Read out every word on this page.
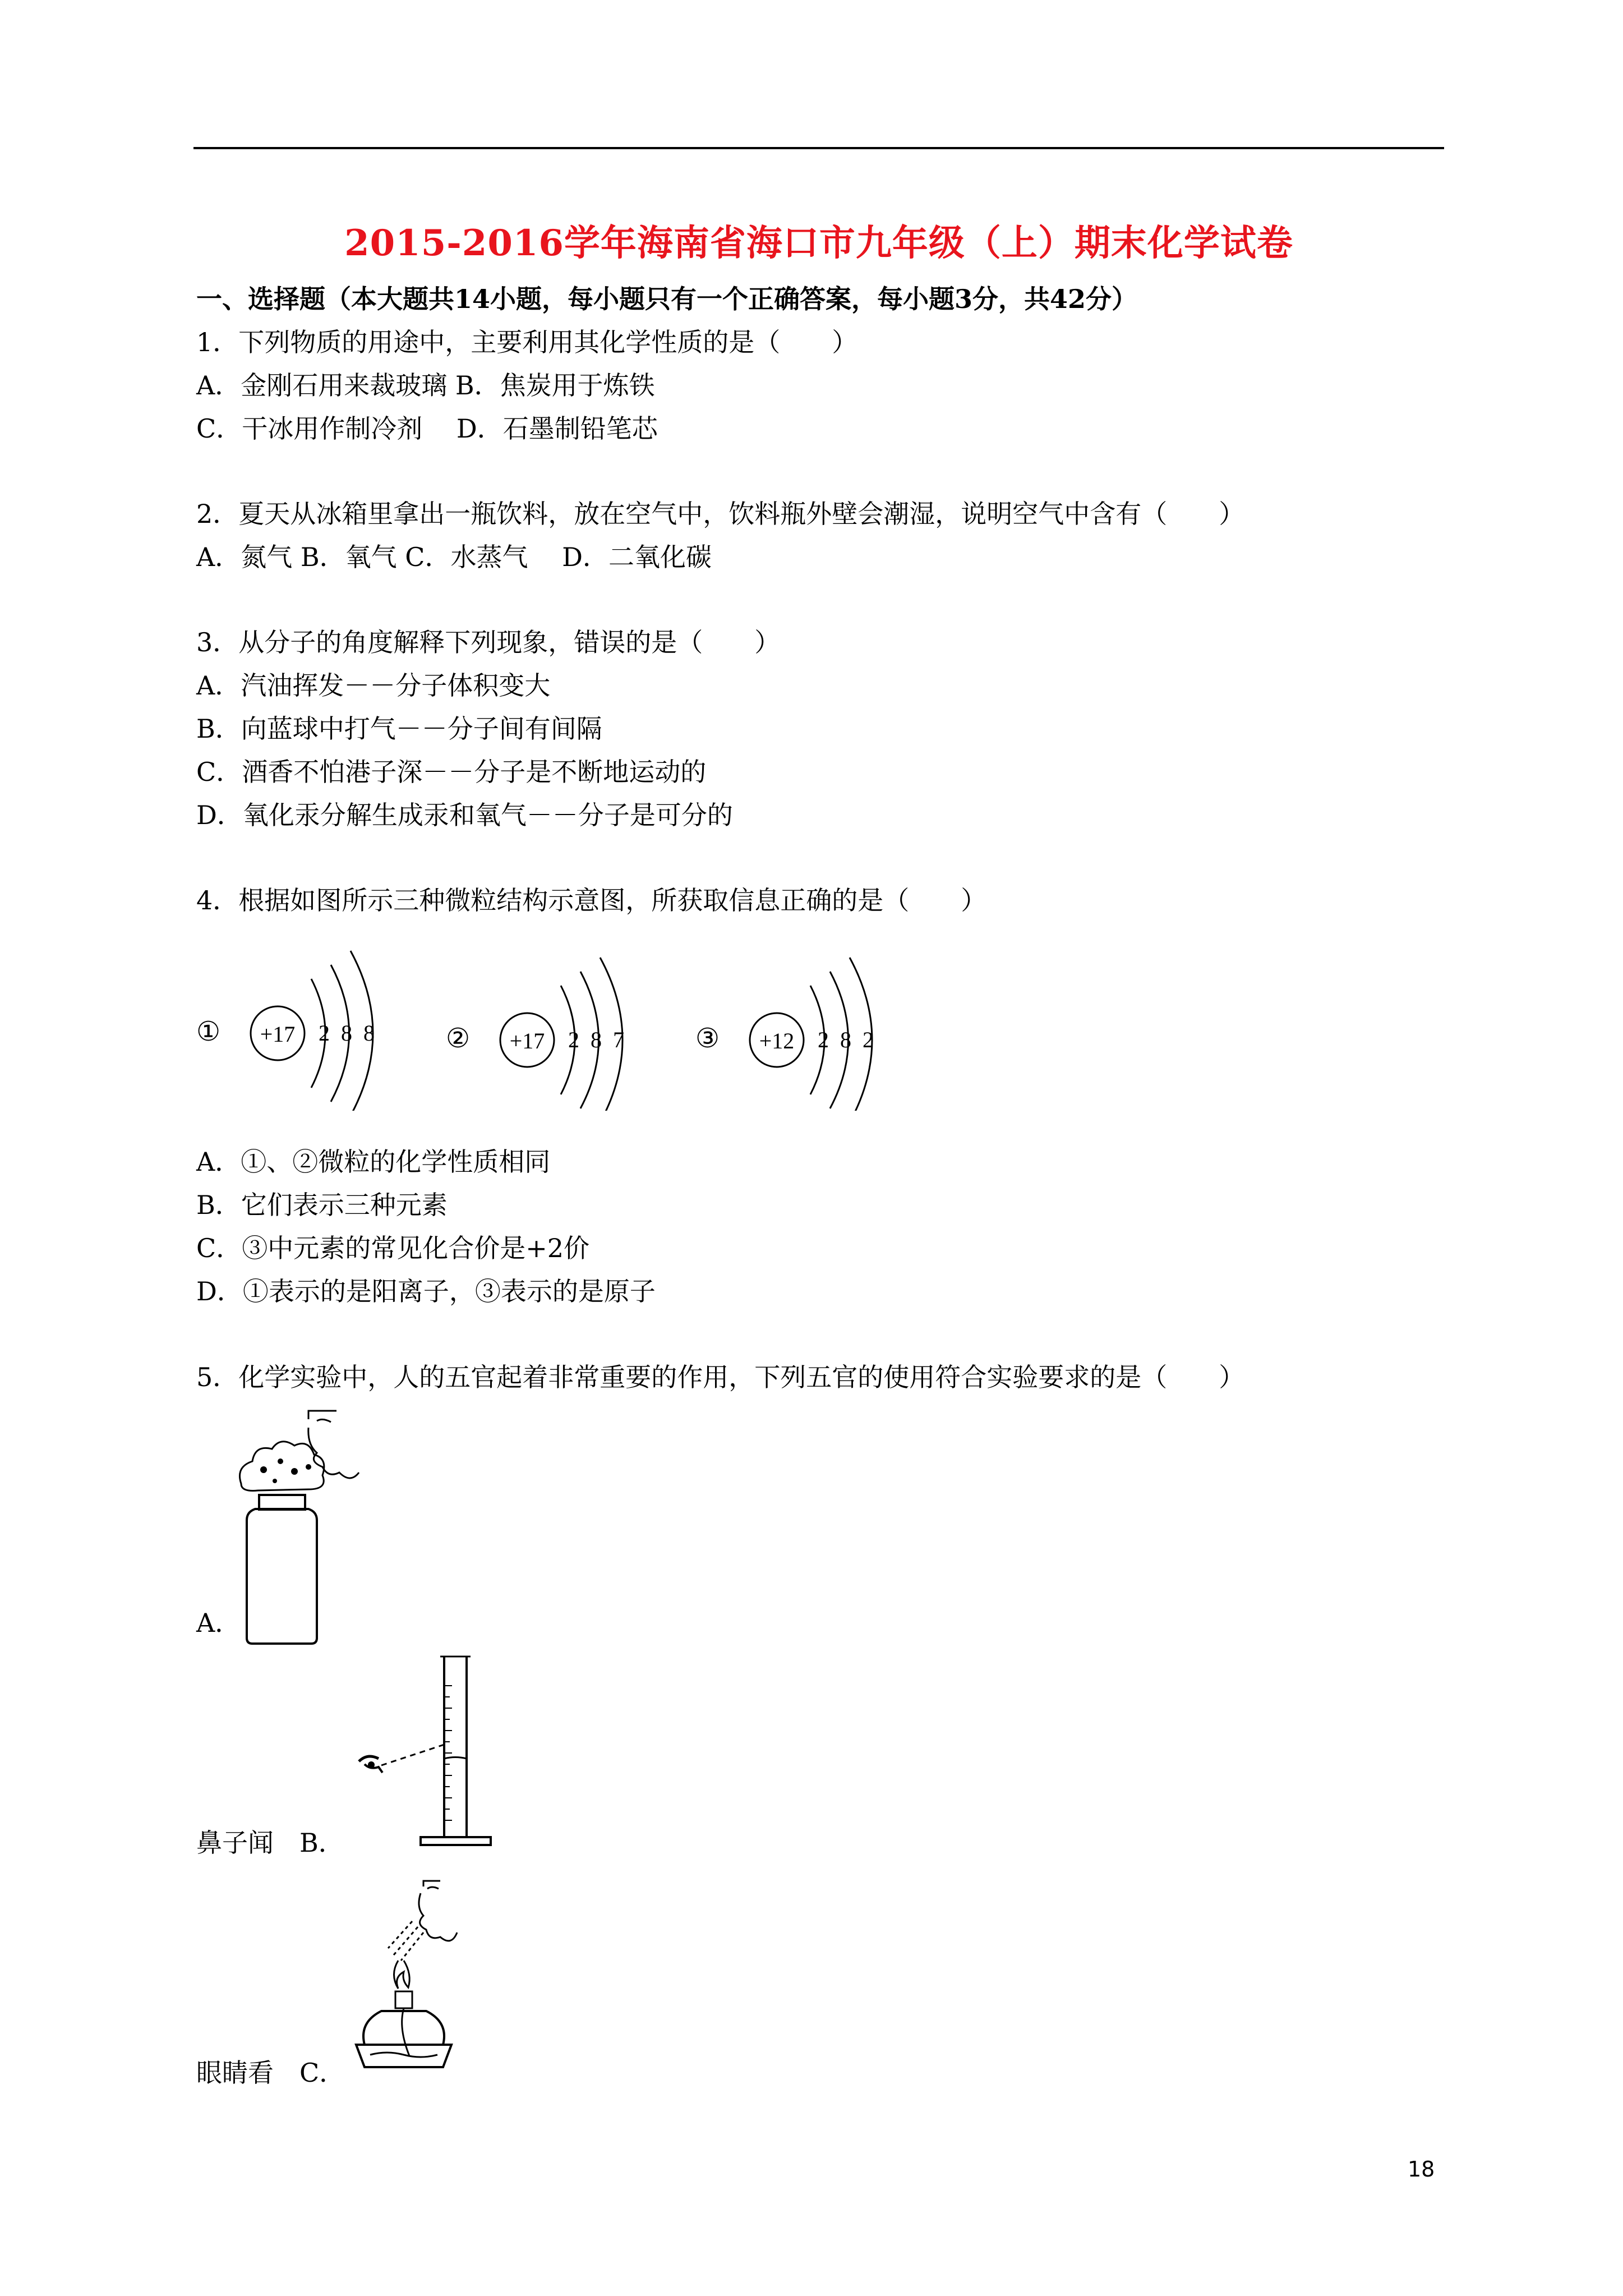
2015-2016学年海南省海口市九年级（上）期末化学试卷
一、选择题（本大题共14小题，每小题只有一个正确答案，每小题3分，共42分）
1．下列物质的用途中，主要利用其化学性质的是（　　）
A．金刚石用来裁玻璃 B．焦炭用于炼铁
C．干冰用作制冷剂　 D．石墨制铅笔芯
2．夏天从冰箱里拿出一瓶饮料，放在空气中，饮料瓶外壁会潮湿，说明空气中含有（　　）
A．氮气 B．氧气 C．水蒸气　 D．二氧化碳
3．从分子的角度解释下列现象，错误的是（　　）
A．汽油挥发－－分子体积变大
B．向蓝球中打气－－分子间有间隔
C．酒香不怕港子深－－分子是不断地运动的
D．氧化汞分解生成汞和氧气－－分子是可分的
4．根据如图所示三种微粒结构示意图，所获取信息正确的是（　　）
① +17 2 8 8	② +17 2 8 7	③ +12 2 8 2
A．①、②微粒的化学性质相同
B．它们表示三种元素
C．③中元素的常见化合价是+2价
D．①表示的是阳离子，③表示的是原子
5．化学实验中，人的五官起着非常重要的作用，下列五官的使用符合实验要求的是（　　）
A．
鼻子闻　B．
眼睛看　C．
18
